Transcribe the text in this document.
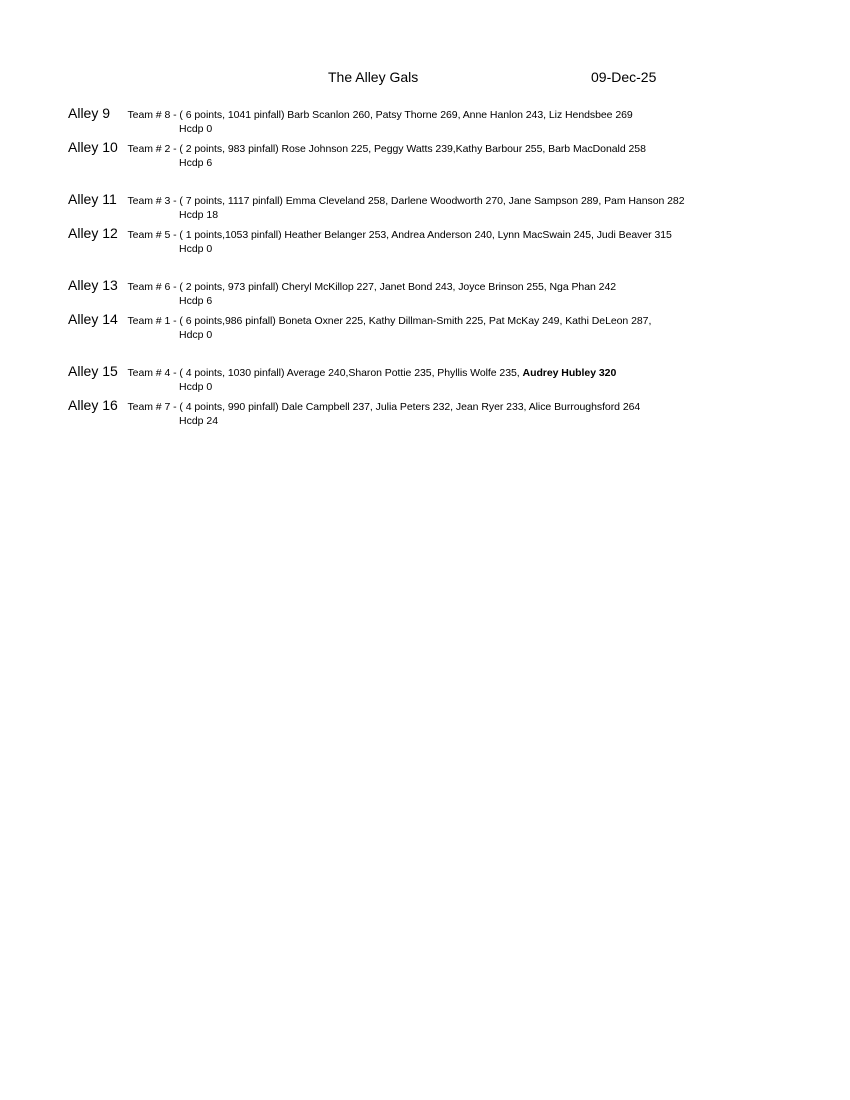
The Alley Gals	09-Dec-25
Alley 9 Team # 8 - ( 6 points, 1041 pinfall) Barb Scanlon 260, Patsy Thorne 269, Anne Hanlon 243, Liz Hendsbee 269
Hcdp 0
Alley 10 Team # 2 - ( 2 points, 983 pinfall) Rose Johnson 225, Peggy Watts 239,Kathy Barbour 255, Barb MacDonald 258
Hcdp 6
Alley 11 Team # 3 - ( 7 points, 1117 pinfall) Emma Cleveland 258, Darlene Woodworth 270, Jane Sampson 289, Pam Hanson 282
Hcdp 18
Alley 12 Team # 5 - ( 1 points,1053 pinfall) Heather Belanger 253, Andrea Anderson 240, Lynn MacSwain 245, Judi Beaver 315
Hcdp 0
Alley 13 Team # 6 - ( 2 points, 973 pinfall) Cheryl McKillop 227, Janet Bond 243, Joyce Brinson 255, Nga Phan 242
Hcdp 6
Alley 14 Team # 1 - ( 6 points,986 pinfall) Boneta Oxner 225, Kathy Dillman-Smith 225, Pat McKay 249, Kathi DeLeon 287,
Hdcp 0
Alley 15 Team # 4 - ( 4 points, 1030 pinfall) Average 240,Sharon Pottie 235, Phyllis Wolfe 235, Audrey Hubley 320
Hcdp 0
Alley 16 Team # 7 - ( 4 points, 990 pinfall) Dale Campbell 237, Julia Peters 232, Jean Ryer 233, Alice Burroughsford 264
Hcdp 24
